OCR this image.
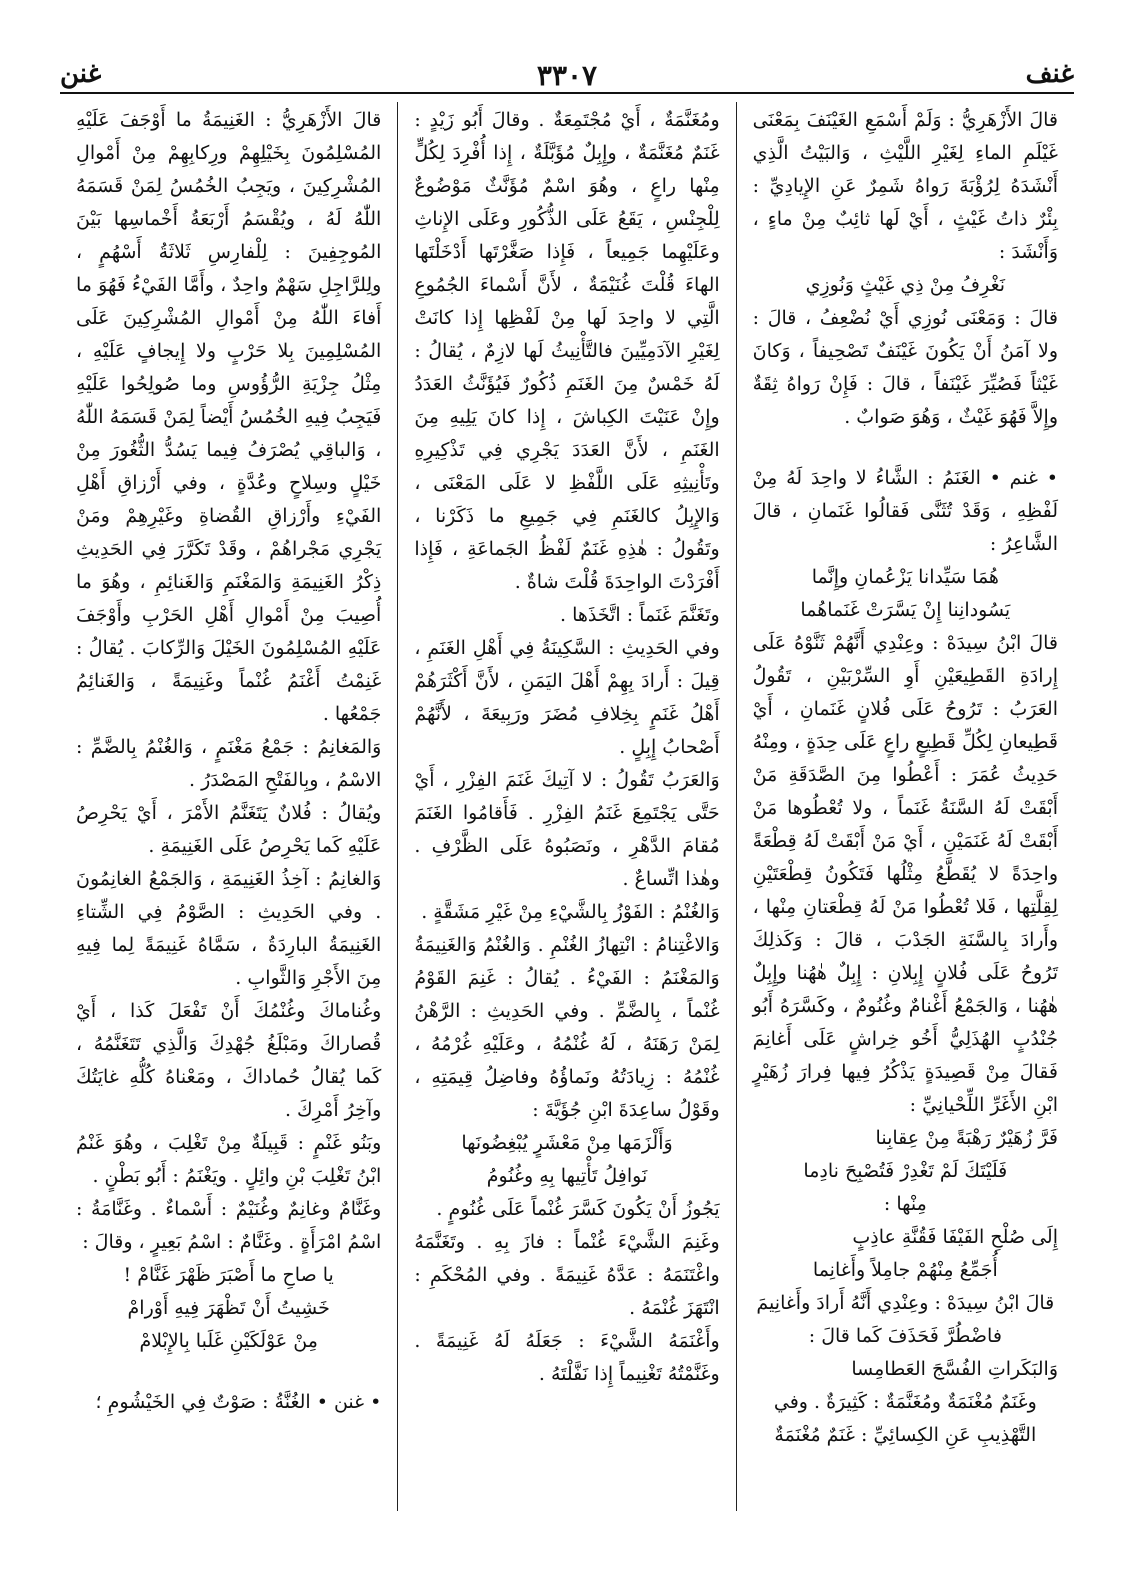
غنف
٣٣٠٧
غنن

قالَ الأَزْهَرِيُّ : وَلَمْ أَسْمَعِ الغَيْنَفَ بِمَعْنَى غَيْلَمِ الماءِ لِغَيْرِ اللَّيْثِ ، وَالبَيْتُ الَّذِي أَنْشَدَهُ لِرُؤْبَةَ رَواهُ شَمِرٌ عَنِ الإِيادِيِّ : بِئْرٌ ذاتُ غَيْثٍ ، أَيْ لَها ثائِبٌ مِنْ ماءٍ ، وَأَنْشَدَ :

نَغْرِفُ مِنْ ذِي غَيْثٍ وَنُوزِي

قالَ : وَمَعْنَى نُوزِي أَيْ نُضْعِفُ ، قالَ : ولا آمَنُ أَنْ يَكُونَ غَيْنَفٌ تَصْحِيفاً ، وَكانَ غَيْثاً فَصُيِّرَ غَيْنَفاً ، قالَ : فَإِنْ رَواهُ ثِقَةٌ وإِلاَّ فَهُوَ غَيْثٌ ، وَهُوَ صَوابٌ .

• غنم • الغَنَمُ : الشَّاءُ لا واحِدَ لَهُ مِنْ لَفْظِهِ ، وَقَدْ تُثَنَّى فَقالُوا غَنَمانِ ، قالَ الشَّاعِرُ :

هُمَا سَيِّدانا يَزْعُمانِ وإِنَّما

يَسُودانِنا إِنْ يَسَّرَتْ غَنَماهُما

قالَ ابْنُ سِيدَهْ : وعِنْدِي أَنَّهُمْ ثَنَّوْهُ عَلَى إِرادَةِ القَطِيعَيْنِ أَوِ السِّرْبَيْنِ ، تَقُولُ العَرَبُ : تَرُوحُ عَلَى فُلانٍ غَنَمانِ ، أَيْ قَطِيعانِ لِكُلِّ قَطِيعٍ راعٍ عَلَى حِدَةٍ ، ومِنْهُ حَدِيثُ عُمَرَ : أَعْطُوا مِنَ الصَّدَقَةِ مَنْ أَبْقَتْ لَهُ السَّنَةُ غَنَماً ، ولا تُعْطُوها مَنْ أَبْقَتْ لَهُ غَنَمَيْنِ ، أَيْ مَنْ أَبْقَتْ لَهُ قِطْعَةً واحِدَةً لا يُقَطَّعُ مِثْلُها فَتَكُونُ قِطْعَتَيْنِ لِقِلَّتِها ، فَلا تُعْطُوا مَنْ لَهُ قِطْعَتانِ مِنْها ، وأَرادَ بِالسَّنَةِ الجَدْبَ ، قالَ : وَكَذلِكَ تَرُوحُ عَلَى فُلانٍ إِبِلانِ : إِبِلٌ هٰهُنا وإِبِلٌ هٰهُنا ، وَالجَمْعُ أَغْنامٌ وغُنُومٌ ، وكَسَّرَهُ أَبُو جُنْدُبٍ الهُذَلِيُّ أَخُو خِراشٍ عَلَى أَغانِمَ فَقالَ مِنْ قَصِيدَةٍ يَذْكُرُ فِيها فِرارَ زُهَيْرٍ ابْنِ الأَغَرِّ اللِّحْيانِيِّ :

فَرَّ زُهَيْرٌ رَهْبَةً مِنْ عِقابِنا

فَلَيْتَكَ لَمْ تَغْدِرْ فَتُصْبِحَ نادِما

مِنْها :

إِلَى صُلْحِ الفَيْفَا فَقُنَّةِ عاذِبٍ

أُجَمِّعُ مِنْهُمْ جامِلاً وأَغانِما

قالَ ابْنُ سِيدَهْ : وعِنْدِي أَنَّهُ أَرادَ وأَغانِيمَ فاضْطُرَّ فَحَذَفَ كَما قالَ :

وَالبَكَراتِ الفُسَّجَ العَطامِسا

وغَنَمٌ مُغْنَمَةٌ ومُغَنَّمَةٌ : كَثِيرَةٌ . وفي التَّهْذِيبِ عَنِ الكِسائِيِّ : غَنَمٌ مُغْنَمَةٌ

ومُغَنَّمَةٌ ، أَيْ مُجْتَمِعَةٌ . وقالَ أَبُو زَيْدٍ : غَنَمٌ مُغَنَّمَةٌ ، وإِبِلٌ مُؤَبَّلَةٌ ، إِذا أُفْرِدَ لِكُلٍّ مِنْها راعٍ ، وهُوَ اسْمٌ مُؤَنَّثٌ مَوْضُوعٌ لِلْجِنْسِ ، يَقَعُ عَلَى الذُّكُورِ وعَلَى الإِناثِ وعَلَيْهِما جَمِيعاً ، فَإِذا صَغَّرْتَها أَدْخَلْتَها الهاءَ قُلْتَ غُنَيْمَةٌ ، لأَنَّ أَسْماءَ الجُمُوعِ الَّتِي لا واحِدَ لَها مِنْ لَفْظِها إِذا كانَتْ لِغَيْرِ الآدَمِيِّينَ فالتَّأْنِيثُ لَها لازِمٌ ، يُقالُ : لَهُ خَمْسٌ مِنَ الغَنَمِ ذُكُورٌ فَيُؤَنَّثُ العَدَدُ وإِنْ عَنَيْتَ الكِباشَ ، إِذا كانَ يَلِيهِ مِنَ الغَنَمِ ، لأَنَّ العَدَدَ يَجْرِي فِي تَذْكِيرِهِ وتَأْنِيثِهِ عَلَى اللَّفْظِ لا عَلَى المَعْنَى ، وَالإِبِلُ كالغَنَمِ فِي جَمِيعِ ما ذَكَرْنا ، وتَقُولُ : هٰذِهِ غَنَمٌ لَفْظُ الجَماعَةِ ، فَإِذا أَفْرَدْتَ الواحِدَةَ قُلْتَ شاةٌ .

وتَغَنَّمَ غَنَماً : اتَّخَذَها .

وفي الحَدِيثِ : السَّكِينَةُ فِي أَهْلِ الغَنَمِ ، قِيلَ : أَرادَ بِهِمْ أَهْلَ اليَمَنِ ، لأَنَّ أَكْثَرَهُمْ أَهْلُ غَنَمٍ بِخِلافِ مُضَرَ ورَبِيعَةَ ، لأَنَّهُمْ أَصْحابُ إِبِلٍ .

وَالعَرَبُ تَقُولُ : لا آتِيكَ غَنَمَ الفِزْرِ ، أَيْ حَتَّى يَجْتَمِعَ غَنَمُ الفِزْرِ . فَأَقامُوا الغَنَمَ مُقامَ الدَّهْرِ ، ونَصَبُوهُ عَلَى الظَّرْفِ . وهٰذا اتِّساعٌ .

وَالغُنْمُ : الفَوْزُ بِالشَّيْءِ مِنْ غَيْرِ مَشَقَّةٍ .

وَالاغْتِنامُ : انْتِهازُ الغُنْمِ . وَالغُنْمُ وَالغَنِيمَةُ وَالمَغْنَمُ : الفَيْءُ . يُقالُ : غَنِمَ القَوْمُ غُنْماً ، بِالضَّمِّ . وفي الحَدِيثِ : الرَّهْنُ لِمَنْ رَهَنَهُ ، لَهُ غُنْمُهُ ، وعَلَيْهِ غُرْمُهُ ، غُنْمُهُ : زِيادَتُهُ ونَماؤُهُ وفاضِلُ قِيمَتِهِ ، وقَوْلُ ساعِدَةَ ابْنِ جُؤَيَّةَ :

وَأَلْزَمَها مِنْ مَعْشَرٍ يُبْغِضُونَها

نَوافِلُ تَأْتِيها بِهِ وغُنُومُ

يَجُوزُ أَنْ يَكُونَ كَسَّرَ غُنْماً عَلَى غُنُومٍ .

وغَنِمَ الشَّيْءَ غُنْماً : فازَ بِهِ . وتَغَنَّمَهُ واغْتَنَمَهُ : عَدَّهُ غَنِيمَةً . وفي المُحْكَمِ : انْتَهَزَ غُنْمَهُ .

وأَغْنَمَهُ الشَّيْءَ : جَعَلَهُ لَهُ غَنِيمَةً . وغَنَّمْتُهُ تَغْنِيماً إِذا نَفَّلْتَهُ .

قالَ الأَزْهَرِيُّ : الغَنِيمَةُ ما أَوْجَفَ عَلَيْهِ المُسْلِمُونَ بِخَيْلِهِمْ ورِكابِهِمْ مِنْ أَمْوالِ المُشْرِكِينَ ، ويَجِبُ الخُمُسُ لِمَنْ قَسَمَهُ اللّٰهُ لَهُ ، ويُقْسَمُ أَرْبَعَةُ أَخْماسِها بَيْنَ المُوجِفِينَ : لِلْفارِسِ ثَلاثَةُ أَسْهُمٍ ، ولِلرَّاجِلِ سَهْمٌ واحِدٌ ، وأَمَّا الفَيْءُ فَهُوَ ما أَفاءَ اللّٰهُ مِنْ أَمْوالِ المُشْرِكِينَ عَلَى المُسْلِمِينَ بِلا حَرْبٍ ولا إِيجافٍ عَلَيْهِ ، مِثْلُ جِزْيَةِ الرُّؤُوسِ وما صُولِحُوا عَلَيْهِ فَيَجِبُ فِيهِ الخُمُسُ أَيْضاً لِمَنْ قَسَمَهُ اللّٰهُ ، وَالباقِي يُصْرَفُ فِيما يَسُدُّ الثُّغُورَ مِنْ خَيْلٍ وسِلاحٍ وعُدَّةٍ ، وفي أَرْزاقِ أَهْلِ الفَيْءِ وأَرْزاقِ القُضاةِ وغَيْرِهِمْ ومَنْ يَجْرِي مَجْراهُمْ ، وقَدْ تَكَرَّرَ فِي الحَدِيثِ ذِكْرُ الغَنِيمَةِ وَالمَغْنَمِ وَالغَنائِمِ ، وهُوَ ما أُصِيبَ مِنْ أَمْوالِ أَهْلِ الحَرْبِ وأَوْجَفَ عَلَيْهِ المُسْلِمُونَ الخَيْلَ وَالرِّكابَ . يُقالُ : غَنِمْتُ أَغْنَمُ غُنْماً وغَنِيمَةً ، وَالغَنائِمُ جَمْعُها .

وَالمَغانِمُ : جَمْعُ مَغْنَمٍ ، وَالغُنْمُ بِالضَّمِّ : الاسْمُ ، وبِالفَتْحِ المَصْدَرُ .

ويُقالُ : فُلانٌ يَتَغَنَّمُ الأَمْرَ ، أَيْ يَحْرِصُ عَلَيْهِ كَما يَحْرِصُ عَلَى الغَنِيمَةِ .

وَالغانِمُ : آخِذُ الغَنِيمَةِ ، وَالجَمْعُ الغانِمُونَ . وفي الحَدِيثِ : الصَّوْمُ فِي الشِّتاءِ الغَنِيمَةُ البارِدَةُ ، سَمَّاهُ غَنِيمَةً لِما فِيهِ مِنَ الأَجْرِ وَالثَّوابِ .

وغُناماكَ وغُنْمُكَ أَنْ تَفْعَلَ كَذا ، أَيْ قُصاراكَ ومَبْلَغُ جُهْدِكَ وَالَّذِي تَتَغَنَّمُهُ ، كَما يُقالُ حُماداكَ ، ومَعْناهُ كُلُّهِ غايَتُكَ وآخِرُ أَمْرِكَ .

وبَنُو غَنْمٍ : قَبِيلَةٌ مِنْ تَغْلِبَ ، وهُوَ غَنْمُ ابْنُ تَغْلِبَ بْنِ وائِلٍ . ويَغْنَمُ : أَبُو بَطْنٍ .

وغَنَّامٌ وغانِمٌ وغُنَيْمٌ : أَسْماءٌ . وغَنَّامَةُ : اسْمُ امْرَأَةٍ . وغَنَّامٌ : اسْمُ بَعِيرٍ ، وقالَ :

يا صاحِ ما أَصْبَرَ ظَهْرَ غَنَّامْ !

خَشِيتُ أَنْ تَظْهَرَ فِيهِ أَوْرامْ

مِنْ عَوْلَكَيْنِ غَلَبا بِالإِبْلامْ

• غنن • الغُنَّةُ : صَوْتٌ فِي الخَيْشُومِ ؛
